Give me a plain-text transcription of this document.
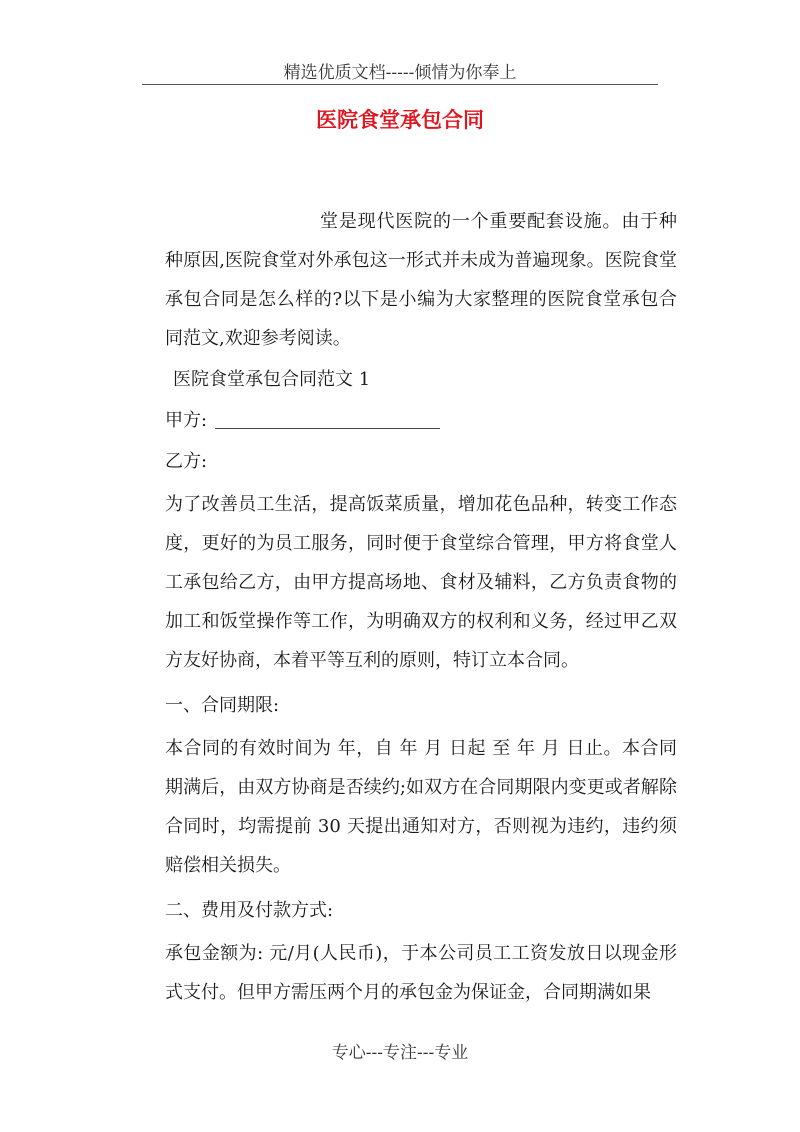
精选优质文档-----倾情为你奉上
医院食堂承包合同

堂是现代医院的一个重要配套设施。由于种种原因,医院食堂对外承包这一形式并未成为普遍现象。医院食堂承包合同是怎么样的?以下是小编为大家整理的医院食堂承包合同范文,欢迎参考阅读。

医院食堂承包合同范文 1

甲方:

乙方:

为了改善员工生活，提高饭菜质量，增加花色品种，转变工作态度，更好的为员工服务，同时便于食堂综合管理，甲方将食堂人工承包给乙方，由甲方提高场地、食材及辅料，乙方负责食物的加工和饭堂操作等工作，为明确双方的权利和义务，经过甲乙双方友好协商，本着平等互利的原则，特订立本合同。

一、合同期限:

本合同的有效时间为 年，自 年 月 日起 至 年 月 日止。本合同期满后，由双方协商是否续约;如双方在合同期限内变更或者解除合同时，均需提前 30 天提出通知对方，否则视为违约，违约须赔偿相关损失。

二、费用及付款方式:

承包金额为: 元/月(人民币)，于本公司员工工资发放日以现金形式支付。但甲方需压两个月的承包金为保证金，合同期满如果

专心---专注---专业
